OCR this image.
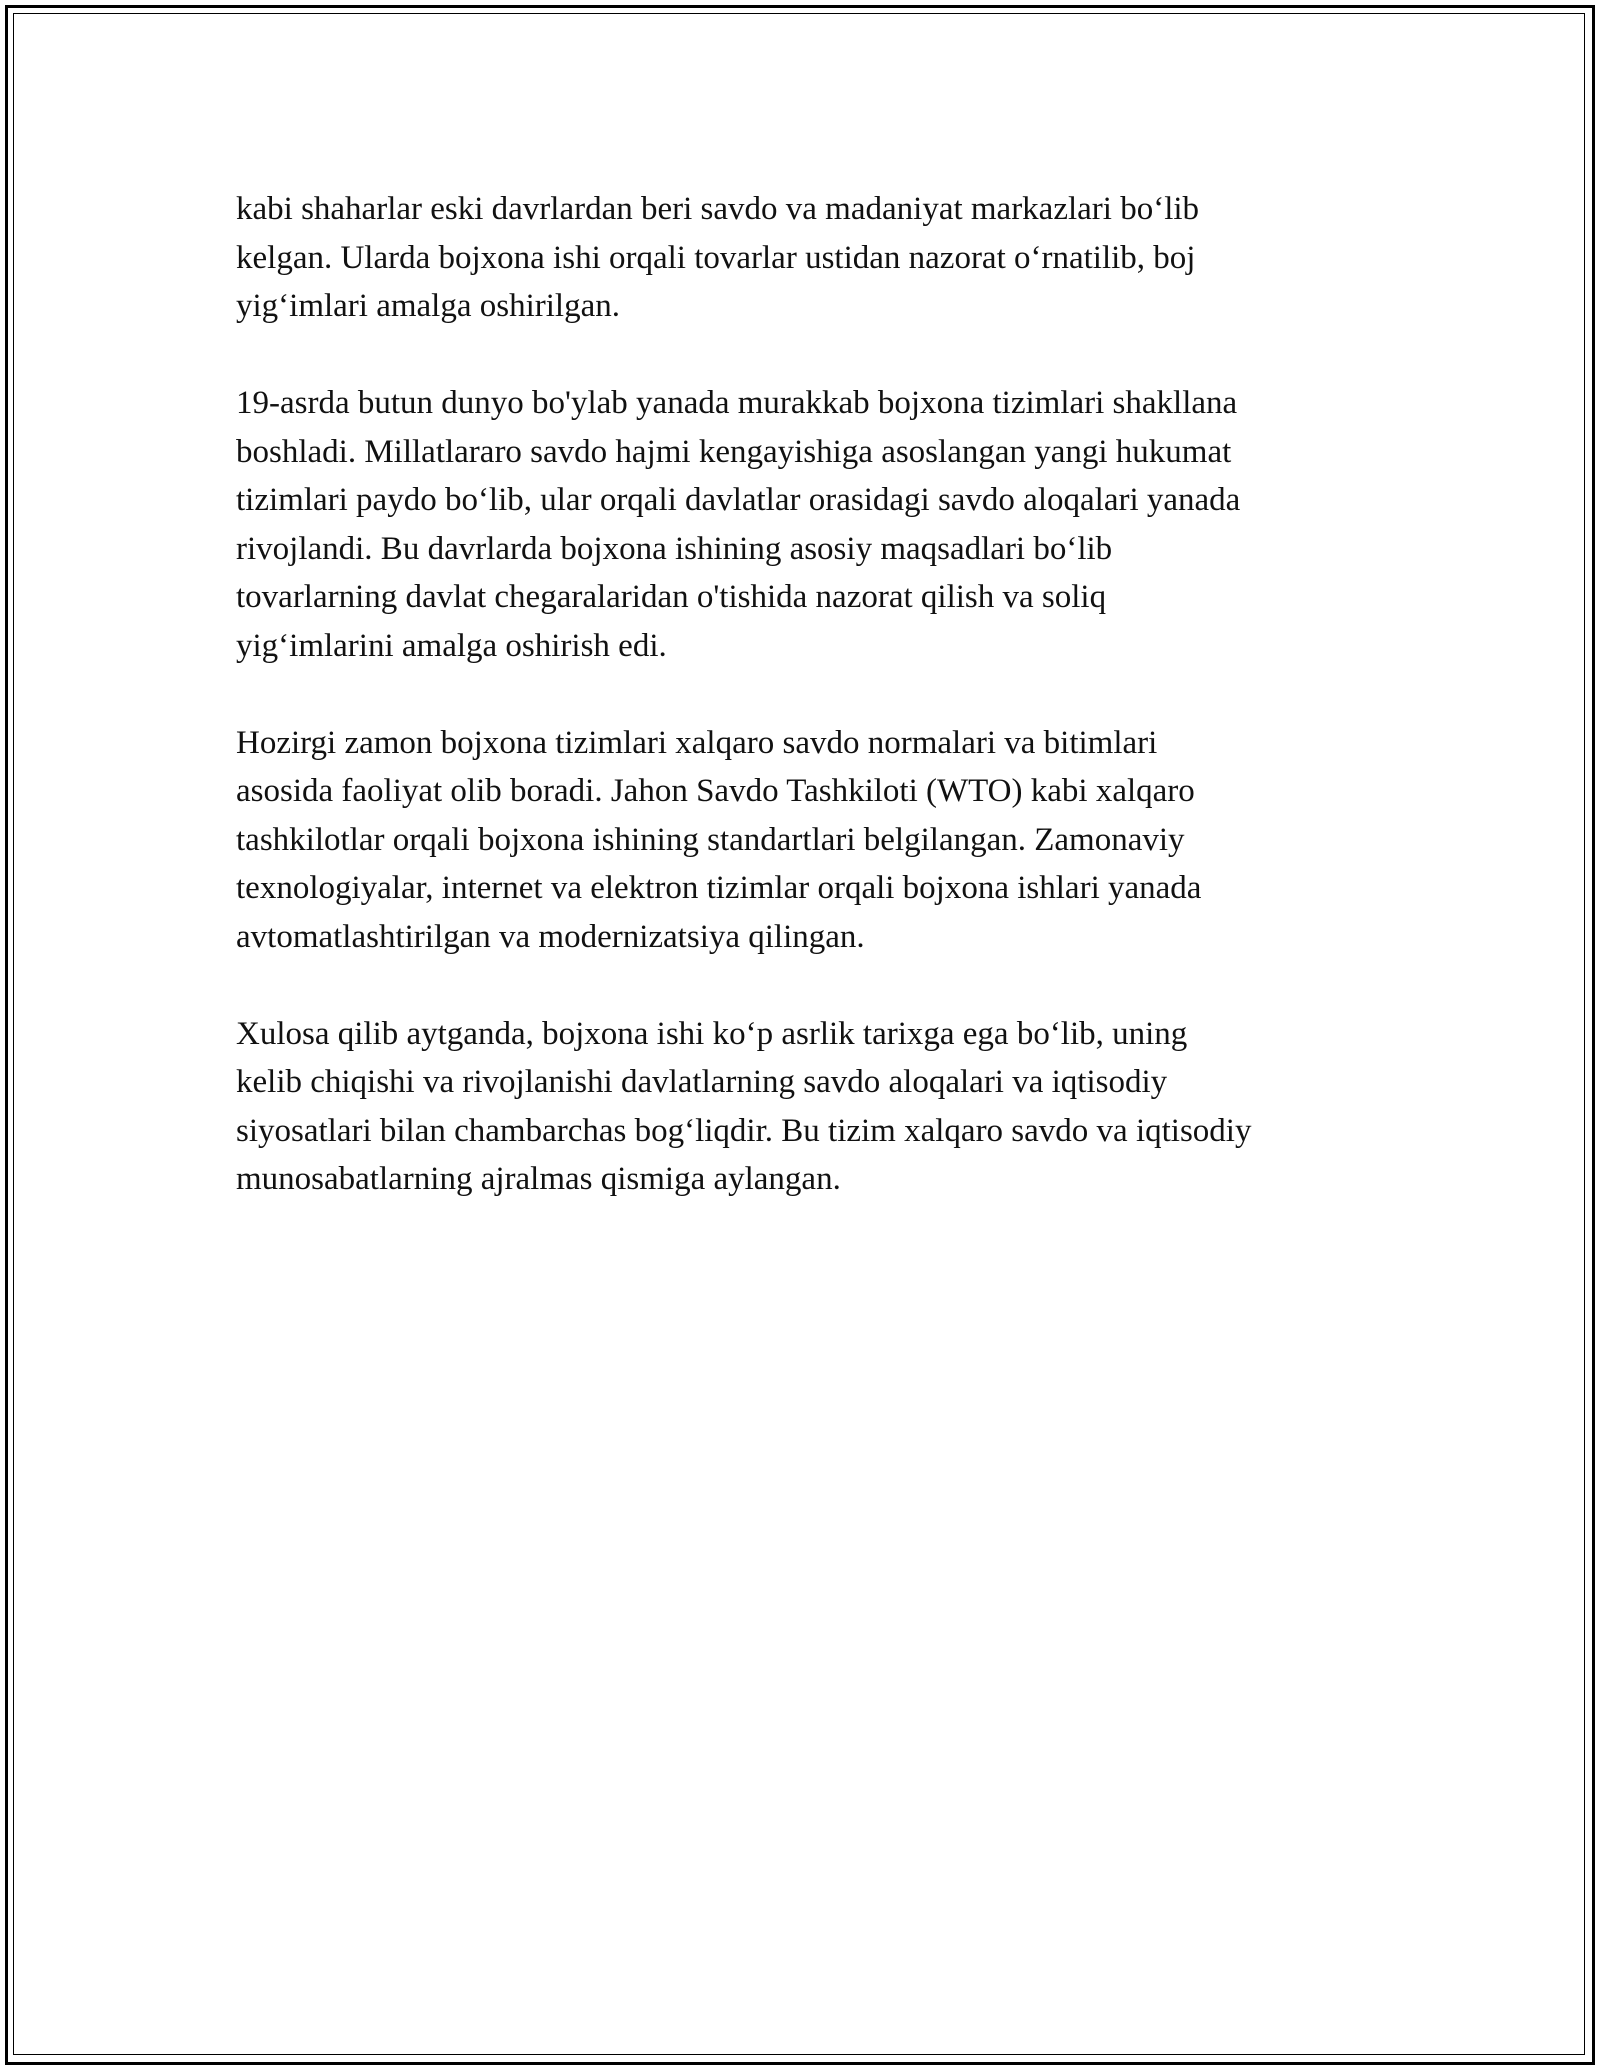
kabi shaharlar eski davrlardan beri savdo va madaniyat markazlari bo‘lib
kelgan. Ularda bojxona ishi orqali tovarlar ustidan nazorat o‘rnatilib, boj
yig‘imlari amalga oshirilgan.

19-asrda butun dunyo bo'ylab yanada murakkab bojxona tizimlari shakllana
boshladi. Millatlararo savdo hajmi kengayishiga asoslangan yangi hukumat
tizimlari paydo bo‘lib, ular orqali davlatlar orasidagi savdo aloqalari yanada
rivojlandi. Bu davrlarda bojxona ishining asosiy maqsadlari bo‘lib
tovarlarning davlat chegaralaridan o'tishida nazorat qilish va soliq
yig‘imlarini amalga oshirish edi.

Hozirgi zamon bojxona tizimlari xalqaro savdo normalari va bitimlari
asosida faoliyat olib boradi. Jahon Savdo Tashkiloti (WTO) kabi xalqaro
tashkilotlar orqali bojxona ishining standartlari belgilangan. Zamonaviy
texnologiyalar, internet va elektron tizimlar orqali bojxona ishlari yanada
avtomatlashtirilgan va modernizatsiya qilingan.

Xulosa qilib aytganda, bojxona ishi ko‘p asrlik tarixga ega bo‘lib, uning
kelib chiqishi va rivojlanishi davlatlarning savdo aloqalari va iqtisodiy
siyosatlari bilan chambarchas bog‘liqdir. Bu tizim xalqaro savdo va iqtisodiy
munosabatlarning ajralmas qismiga aylangan.
